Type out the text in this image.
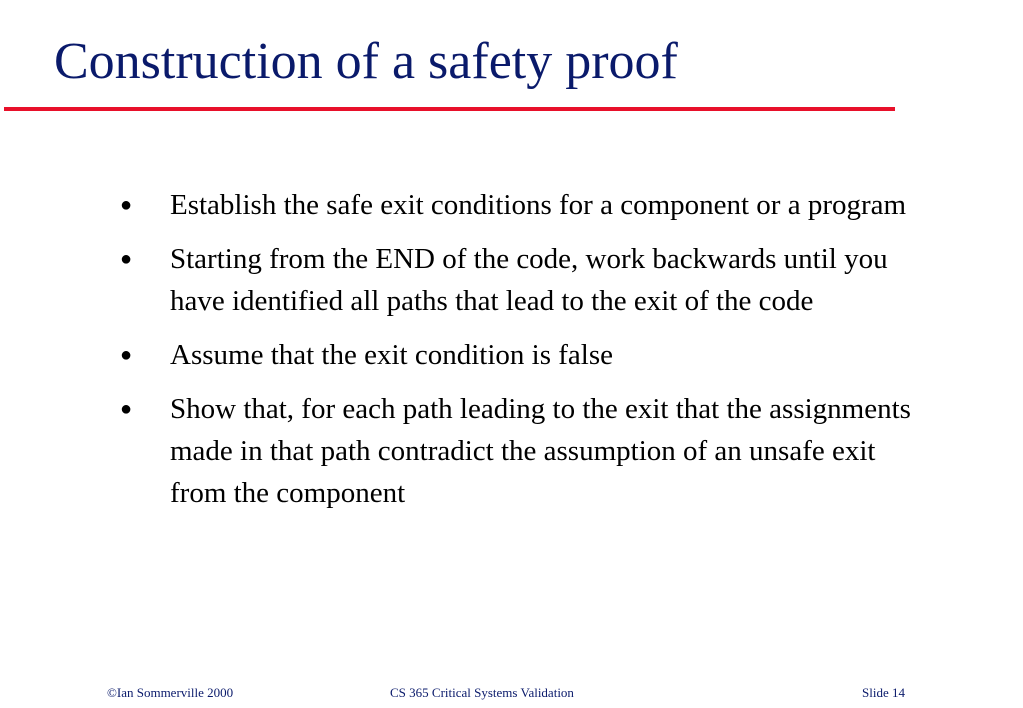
Construction of a safety proof
● Establish the safe exit conditions for a component or a program
● Starting from the END of the code, work backwards until you have identified all paths that lead to the exit of the code
● Assume that the exit condition is false
● Show that, for each path leading to the exit that the assignments made in that path contradict the assumption of an unsafe exit from the component
©Ian Sommerville 2000	CS 365 Critical Systems Validation	Slide 14
